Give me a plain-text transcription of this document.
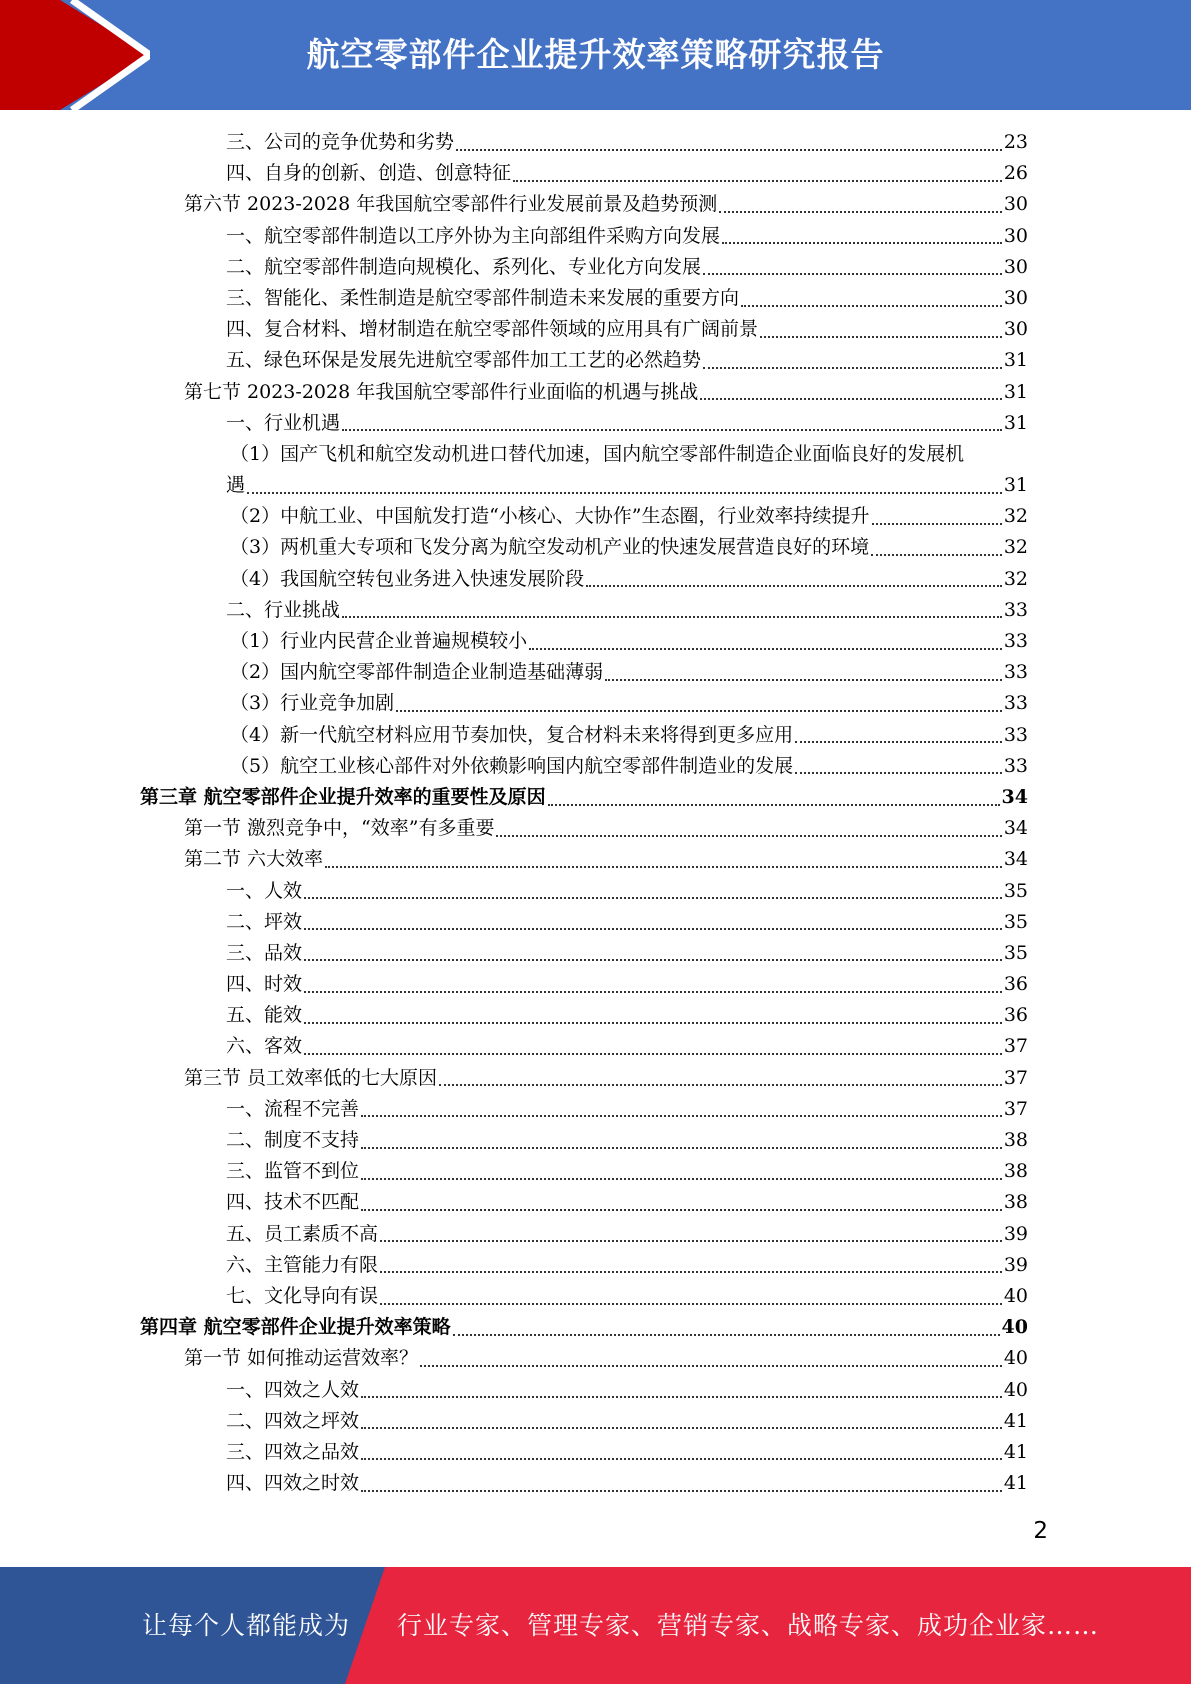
航空零部件企业提升效率策略研究报告
三、公司的竞争优势和劣势	23
四、自身的创新、创造、创意特征	26
第六节 2023-2028 年我国航空零部件行业发展前景及趋势预测	30
一、航空零部件制造以工序外协为主向部组件采购方向发展	30
二、航空零部件制造向规模化、系列化、专业化方向发展	30
三、智能化、柔性制造是航空零部件制造未来发展的重要方向	30
四、复合材料、增材制造在航空零部件领域的应用具有广阔前景	30
五、绿色环保是发展先进航空零部件加工工艺的必然趋势	31
第七节 2023-2028 年我国航空零部件行业面临的机遇与挑战	31
一、行业机遇	31
（1）国产飞机和航空发动机进口替代加速，国内航空零部件制造企业面临良好的发展机
遇	31
（2）中航工业、中国航发打造“小核心、大协作”生态圈，行业效率持续提升	32
（3）两机重大专项和飞发分离为航空发动机产业的快速发展营造良好的环境	32
（4）我国航空转包业务进入快速发展阶段	32
二、行业挑战	33
（1）行业内民营企业普遍规模较小	33
（2）国内航空零部件制造企业制造基础薄弱	33
（3）行业竞争加剧	33
（4）新一代航空材料应用节奏加快，复合材料未来将得到更多应用	33
（5）航空工业核心部件对外依赖影响国内航空零部件制造业的发展	33
第三章 航空零部件企业提升效率的重要性及原因	34
第一节 激烈竞争中，“效率”有多重要	34
第二节 六大效率	34
一、人效	35
二、坪效	35
三、品效	35
四、时效	36
五、能效	36
六、客效	37
第三节 员工效率低的七大原因	37
一、流程不完善	37
二、制度不支持	38
三、监管不到位	38
四、技术不匹配	38
五、员工素质不高	39
六、主管能力有限	39
七、文化导向有误	40
第四章 航空零部件企业提升效率策略	40
第一节 如何推动运营效率？	40
一、四效之人效	40
二、四效之坪效	41
三、四效之品效	41
四、四效之时效	41
2
让每个人都能成为 行业专家、管理专家、营销专家、战略专家、成功企业家……
